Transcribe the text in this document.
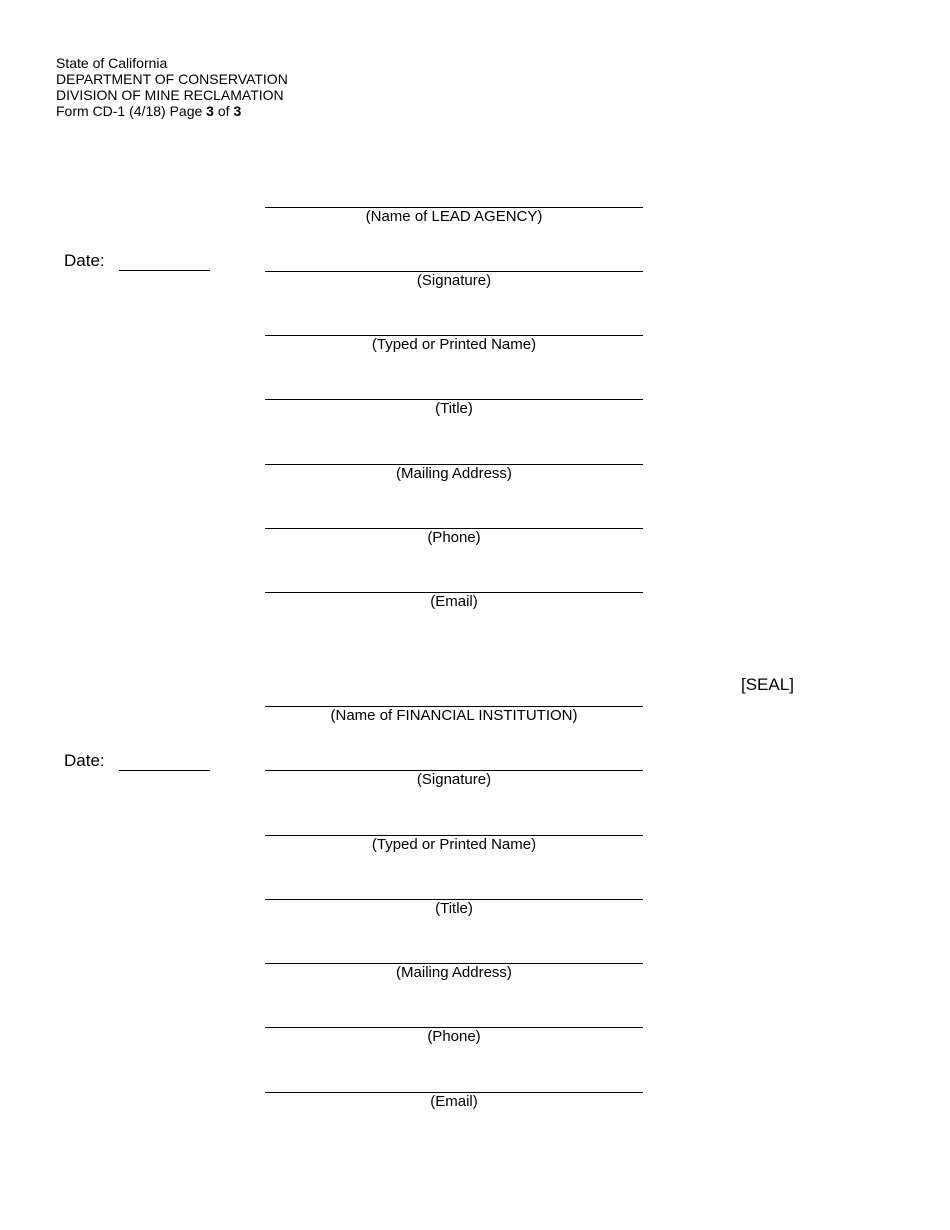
State of California
DEPARTMENT OF CONSERVATION
DIVISION OF MINE RECLAMATION
Form CD-1 (4/18) Page 3 of 3
Date:
(Name of LEAD AGENCY)
(Signature)
(Typed or Printed Name)
(Title)
(Mailing Address)
(Phone)
(Email)
[SEAL]
Date:
(Name of FINANCIAL INSTITUTION)
(Signature)
(Typed or Printed Name)
(Title)
(Mailing Address)
(Phone)
(Email)
